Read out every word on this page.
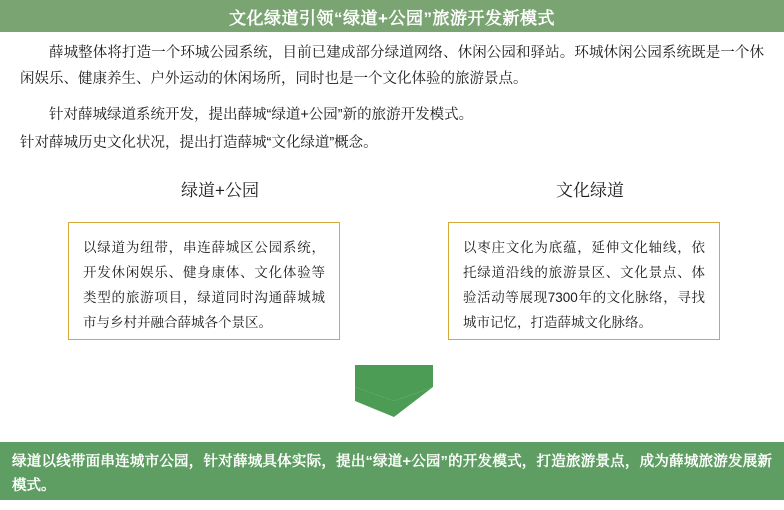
文化绿道引领“绿道+公园”旅游开发新模式
薛城整体将打造一个环城公园系统，目前已建成部分绿道网络、休闲公园和驿站。环城休闲公园系统既是一个休闲娱乐、健康养生、户外运动的休闲场所，同时也是一个文化体验的旅游景点。
针对薛城绿道系统开发，提出薛城“绿道+公园”新的旅游开发模式。
针对薛城历史文化状况，提出打造薛城“文化绿道”概念。
绿道+公园	文化绿道

以绿道为纽带，串连薛城区公园系统，开发休闲娱乐、健身康体、文化体验等类型的旅游项目，绿道同时沟通薛城城市与乡村并融合薛城各个景区。

以枣庄文化为底蕴，延伸文化轴线，依托绿道沿线的旅游景区、文化景点、体验活动等展现7300年的文化脉络，寻找城市记忆，打造薛城文化脉络。

绿道以线带面串连城市公园，针对薛城具体实际，提出“绿道+公园”的开发模式，打造旅游景点，成为薛城旅游发展新模式。
